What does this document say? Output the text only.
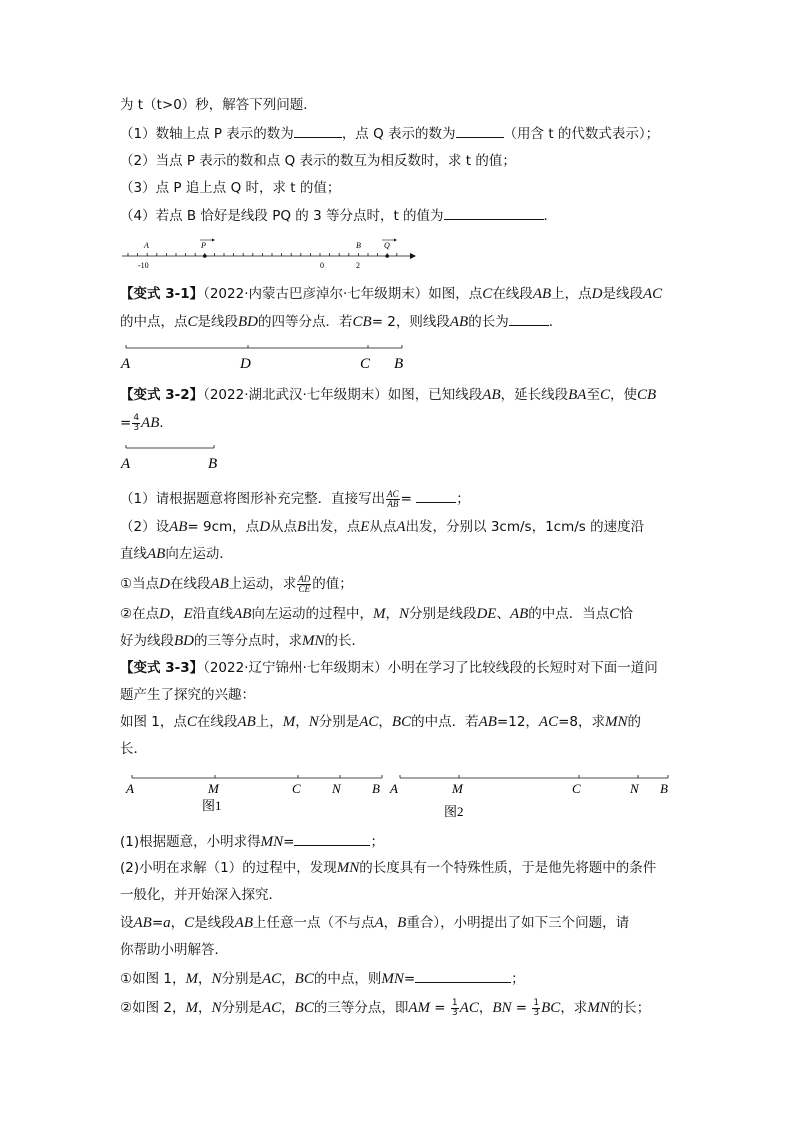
为 t（t>0）秒，解答下列问题．
（1）数轴上点 P 表示的数为	，点 Q 表示的数为	（用含 t 的代数式表示）；
（2）当点 P 表示的数和点 Q 表示的数互为相反数时，求 t 的值；
（3）点 P 追上点 Q 时，求 t 的值；
（4）若点 B 恰好是线段 PQ 的 3 等分点时，t 的值为	．
A	P	B	Q
-10	0	2
【变式 3-1】（2022·内蒙古巴彦淖尔·七年级期末）如图，点C在线段AB上，点D是线段AC
的中点，点C是线段BD的四等分点．若CB= 2，则线段AB的长为	．
A	D	C B
【变式 3-2】（2022·湖北武汉·七年级期末）如图，已知线段AB，延长线段BA至C，使CB
= $\frac{4}{3}$ AB．
A	B
（1）请根据题意将图形补充完整．直接写出 $\frac{AC}{AB}$ =	；
（2）设AB= 9cm，点D从点B出发，点E从点A出发，分别以 3cm/s，1cm/s 的速度沿
直线AB向左运动．
①当点D在线段AB上运动，求 $\frac{AD}{CE}$ 的值；
②在点D，E沿直线AB向左运动的过程中，M，N分别是线段DE、AB的中点．当点C恰
好为线段BD的三等分点时，求MN的长．
【变式 3-3】（2022·辽宁锦州·七年级期末）小明在学习了比较线段的长短时对下面一道问
题产生了探究的兴趣：
如图 1，点C在线段AB上，M，N分别是AC，BC的中点．若AB=12，AC=8，求MN的
长．
A	M	C N B
图1
A	M	C	N B
图2
(1)根据题意，小明求得MN=	；
(2)小明在求解（1）的过程中，发现MN的长度具有一个特殊性质，于是他先将题中的条件
一般化，并开始深入探究．
设AB=a，C是线段AB上任意一点（不与点A，B重合），小明提出了如下三个问题，请
你帮助小明解答．
①如图 1，M，N分别是AC，BC的中点，则MN=	；
②如图 2，M，N分别是AC，BC的三等分点，即AM = $\frac{1}{3}$ AC，BN = $\frac{1}{3}$ BC，求MN的长；
